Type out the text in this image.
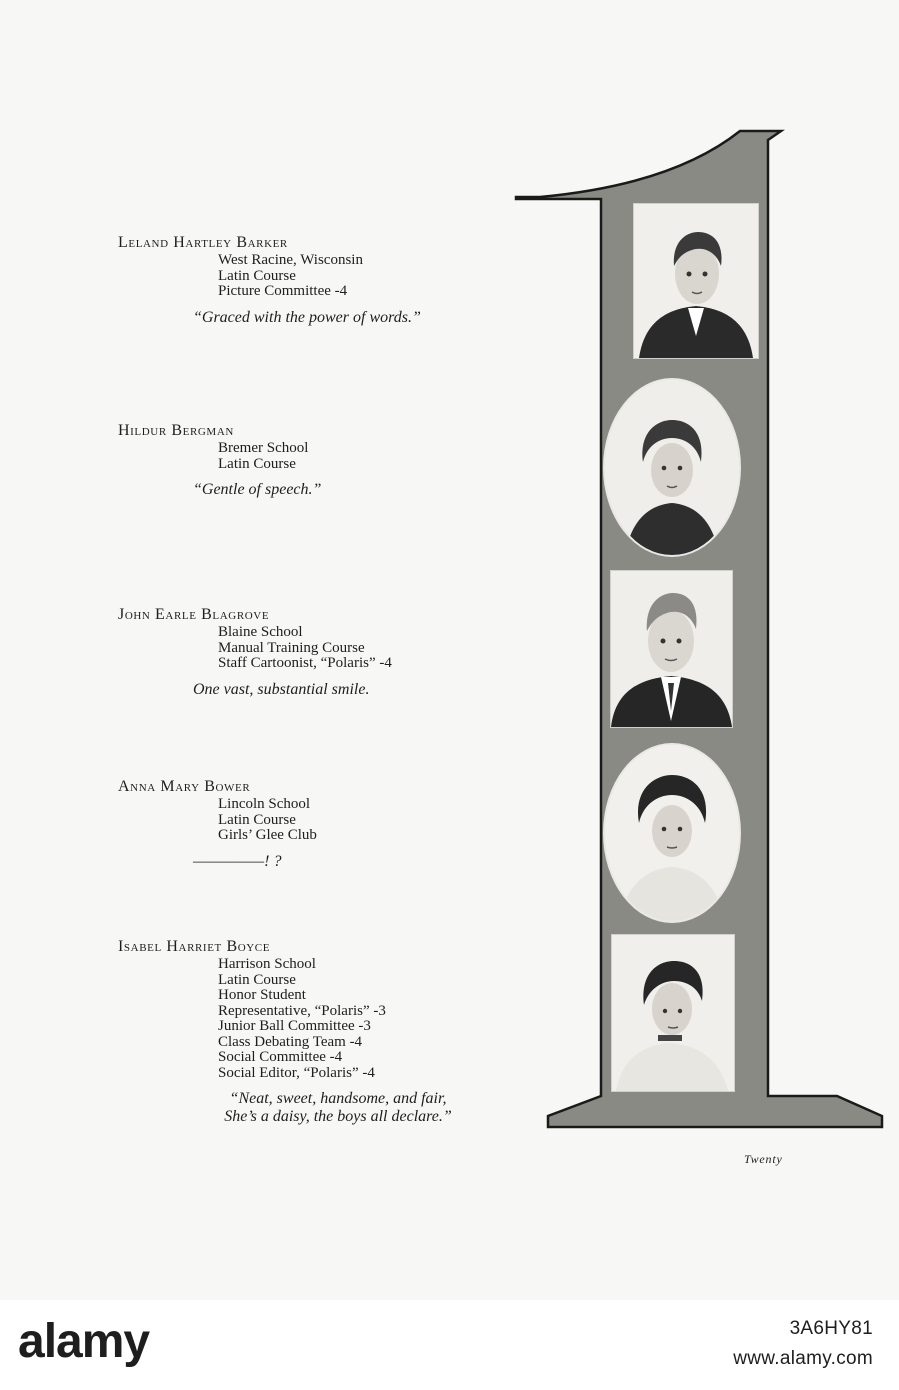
Leland Hartley Barker
West Racine, Wisconsin
Latin Course
Picture Committee -4
“Graced with the power of words.”
Hildur Bergman
Bremer School
Latin Course
“Gentle of speech.”
John Earle Blagrove
Blaine School
Manual Training Course
Staff Cartoonist, “Polaris” -4
One vast, substantial smile.
Anna Mary Bower
Lincoln School
Latin Course
Girls’ Glee Club
—————! ?
Isabel Harriet Boyce
Harrison School
Latin Course
Honor Student
Representative, “Polaris” -3
Junior Ball Committee -3
Class Debating Team -4
Social Committee -4
Social Editor, “Polaris” -4
“Neat, sweet, handsome, and fair,
She’s a daisy, the boys all declare.”
Twenty
alamy	3A6HY81
www.alamy.com
